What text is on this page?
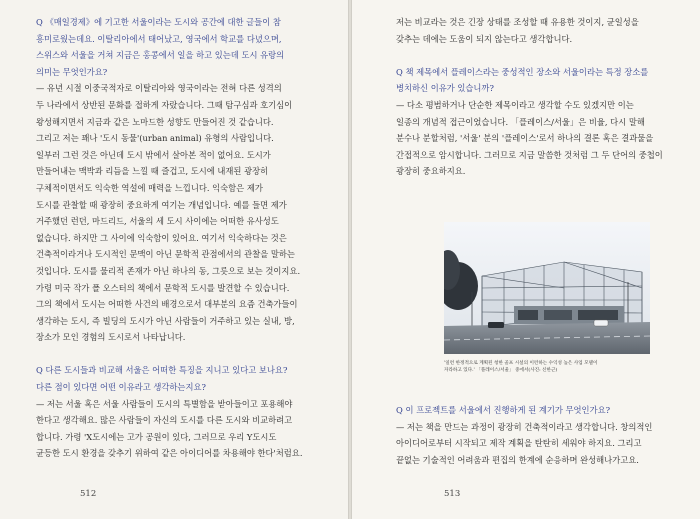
Q 《매일경제》에 기고한 서울이라는 도시와 공간에 대한 글들이 참
흥미로웠는데요. 이탈리아에서 태어났고, 영국에서 학교를 다녔으며,
스위스와 서울을 거쳐 지금은 홍콩에서 일을 하고 있는데 도시 유랑의
의미는 무엇인가요?
— 유년 시절 이중국적자로 이탈리아와 영국이라는 전혀 다른 성격의
두 나라에서 상반된 문화를 접하게 자랐습니다. 그때 탐구심과 호기심이
왕성해지면서 지금과 같은 노마드한 성향도 만들어진 것 같습니다.
그리고 저는 꽤나 '도시 동물'(urban animal) 유형의 사람입니다.
일부러 그런 것은 아닌데 도시 밖에서 살아본 적이 없어요. 도시가
만들어내는 맥박과 리듬을 느낄 때 즐겁고, 도시에 내재된 광장히
구체적이면서도 익숙한 역설에 매력을 느낍니다. 익숙함은 제가
도시를 관찰할 때 광장히 중요하게 여기는 개념입니다. 예를 들면 제가
거주했던 런던, 마드리드, 서울의 세 도시 사이에는 어떠한 유사성도
없습니다. 하지만 그 사이에 익숙함이 있어요. 여기서 익숙하다는 것은
건축적이라거나 도시적인 문맥이 아닌 문학적 관점에서의 관찰을 말하는
것입니다. 도시를 물리적 존재가 아닌 하나의 동, 그릇으로 보는 것이지요.
가령 미국 작가 폴 오스터의 책에서 문학적 도시를 발견할 수 있습니다.
그의 책에서 도시는 어떠한 사건의 배경으로서 대부분의 요즘 건축가들이
생각하는 도시, 즉 빌딩의 도시가 아닌 사람들이 거주하고 있는 실내, 방,
장소가 모인 경험의 도시로서 나타납니다.
Q 다른 도시들과 비교해 서울은 어떠한 특징을 지니고 있다고 보나요?
다른 점이 있다면 어떤 이유라고 생각하는지요?
— 저는 서울 혹은 서울 사람들이 도시의 특별함을 받아들이고 포용해야
한다고 생각해요. 많은 사람들이 자신의 도시를 다른 도시와 비교하려고
합니다. 가령 'X도시에는 고가 공원이 있다, 그러므로 우리 Y도시도
균등한 도시 환경을 갖추기 위하여 같은 아이디어를 차용해야 한다'처럼요.
512
저는 비교라는 것은 긴장 상태를 조성할 때 유용한 것이지, 균일성을
갖추는 데에는 도움이 되지 않는다고 생각합니다.
Q 책 제목에서 플레이스라는 중성적인 장소와 서울이라는 특정 장소를
병치하신 이유가 있습니까?
— 다소 평범하거나 단순한 제목이라고 생각할 수도 있겠지만 이는
일종의 개념적 접근이었습니다. 「플레이스/서울」은 비율, 다시 말해
분수나 분할처럼, '서울' 분의 '플레이스'로서 하나의 결론 혹은 결과물을
간접적으로 암시합니다. 그러므로 지금 말씀한 것처럼 그 두 단어의 중첩이
광장히 중요하지요.
'일련 한정적으로 계획된 청한 골프 시설의 이런하는 수익성 높은 사업 모델이
자라하고 있다.' 「플레이스/서울」 중에서(사진: 신한근)
Q 이 프로젝트를 서울에서 진행하게 된 계기가 무엇인가요?
— 저는 책을 만드는 과정이 광장히 건축적이라고 생각합니다. 창의적인
아이디어로부터 시작되고 제작 계획을 탄탄히 세워야 하지요. 그리고
끝없는 기술적인 어려움과 편집의 한계에 순응하며 완성해나가고요.
513
